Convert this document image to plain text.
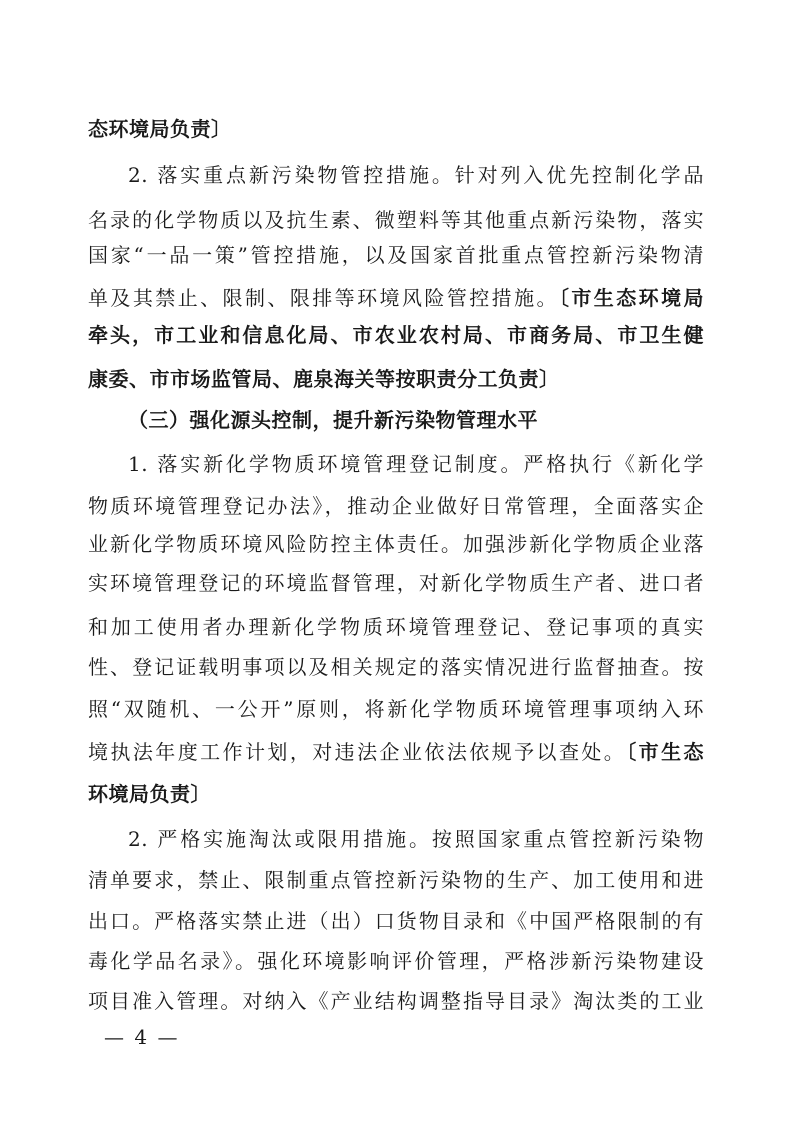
态环境局负责〕
2. 落实重点新污染物管控措施。针对列入优先控制化学品
名录的化学物质以及抗生素、微塑料等其他重点新污染物，落实
国家“一品一策”管控措施，以及国家首批重点管控新污染物清
单及其禁止、限制、限排等环境风险管控措施。〔市生态环境局
牵头，市工业和信息化局、市农业农村局、市商务局、市卫生健
康委、市市场监管局、鹿泉海关等按职责分工负责〕
（三）强化源头控制，提升新污染物管理水平
1. 落实新化学物质环境管理登记制度。严格执行《新化学
物质环境管理登记办法》，推动企业做好日常管理，全面落实企
业新化学物质环境风险防控主体责任。加强涉新化学物质企业落
实环境管理登记的环境监督管理，对新化学物质生产者、进口者
和加工使用者办理新化学物质环境管理登记、登记事项的真实
性、登记证载明事项以及相关规定的落实情况进行监督抽查。按
照“双随机、一公开”原则，将新化学物质环境管理事项纳入环
境执法年度工作计划，对违法企业依法依规予以查处。〔市生态
环境局负责〕
2. 严格实施淘汰或限用措施。按照国家重点管控新污染物
清单要求，禁止、限制重点管控新污染物的生产、加工使用和进
出口。严格落实禁止进（出）口货物目录和《中国严格限制的有
毒化学品名录》。强化环境影响评价管理，严格涉新污染物建设
项目准入管理。对纳入《产业结构调整指导目录》淘汰类的工业
— 4 —
